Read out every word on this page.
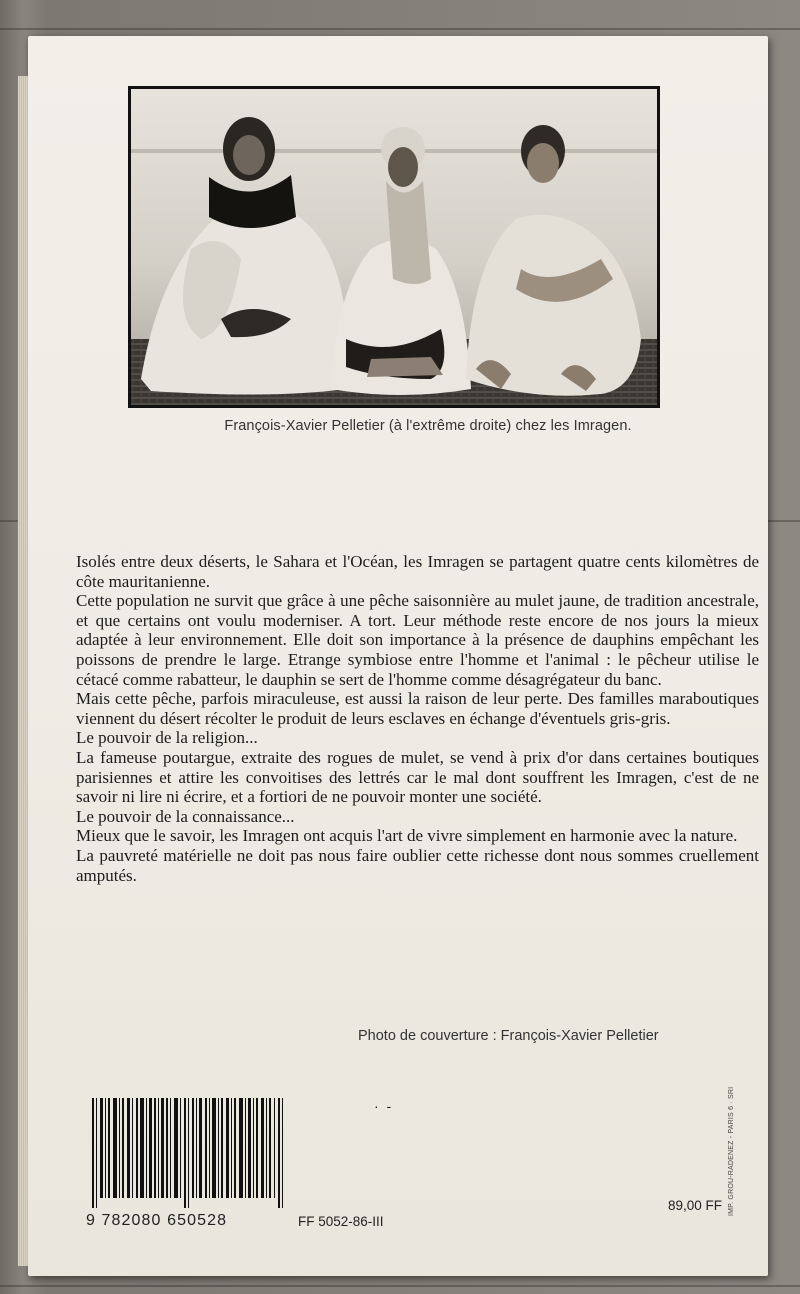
François-Xavier Pelletier (à l'extrême droite) chez les Imragen.

Isolés entre deux déserts, le Sahara et l'Océan, les Imragen se partagent quatre cents kilomètres de côte mauritanienne.

Cette population ne survit que grâce à une pêche saisonnière au mulet jaune, de tradition ancestrale, et que certains ont voulu moderniser. A tort. Leur méthode reste encore de nos jours la mieux adaptée à leur environnement. Elle doit son importance à la présence de dauphins empêchant les poissons de prendre le large. Etrange symbiose entre l'homme et l'animal : le pêcheur utilise le cétacé comme rabatteur, le dauphin se sert de l'homme comme désagrégateur du banc.

Mais cette pêche, parfois miraculeuse, est aussi la raison de leur perte. Des familles maraboutiques viennent du désert récolter le produit de leurs esclaves en échange d'éventuels gris-gris.

Le pouvoir de la religion...

La fameuse poutargue, extraite des rogues de mulet, se vend à prix d'or dans certaines boutiques parisiennes et attire les convoitises des lettrés car le mal dont souffrent les Imragen, c'est de ne savoir ni lire ni écrire, et a fortiori de ne pouvoir monter une société.

Le pouvoir de la connaissance...

Mieux que le savoir, les Imragen ont acquis l'art de vivre simplement en harmonie avec la nature.

La pauvreté matérielle ne doit pas nous faire oublier cette richesse dont nous sommes cruellement amputés.

Photo de couverture : François-Xavier Pelletier
·  -
9 782080 650528	FF 5052-86-III
89,00 FF IMP. GROU-RADENEZ - PARIS 6 · SRI
